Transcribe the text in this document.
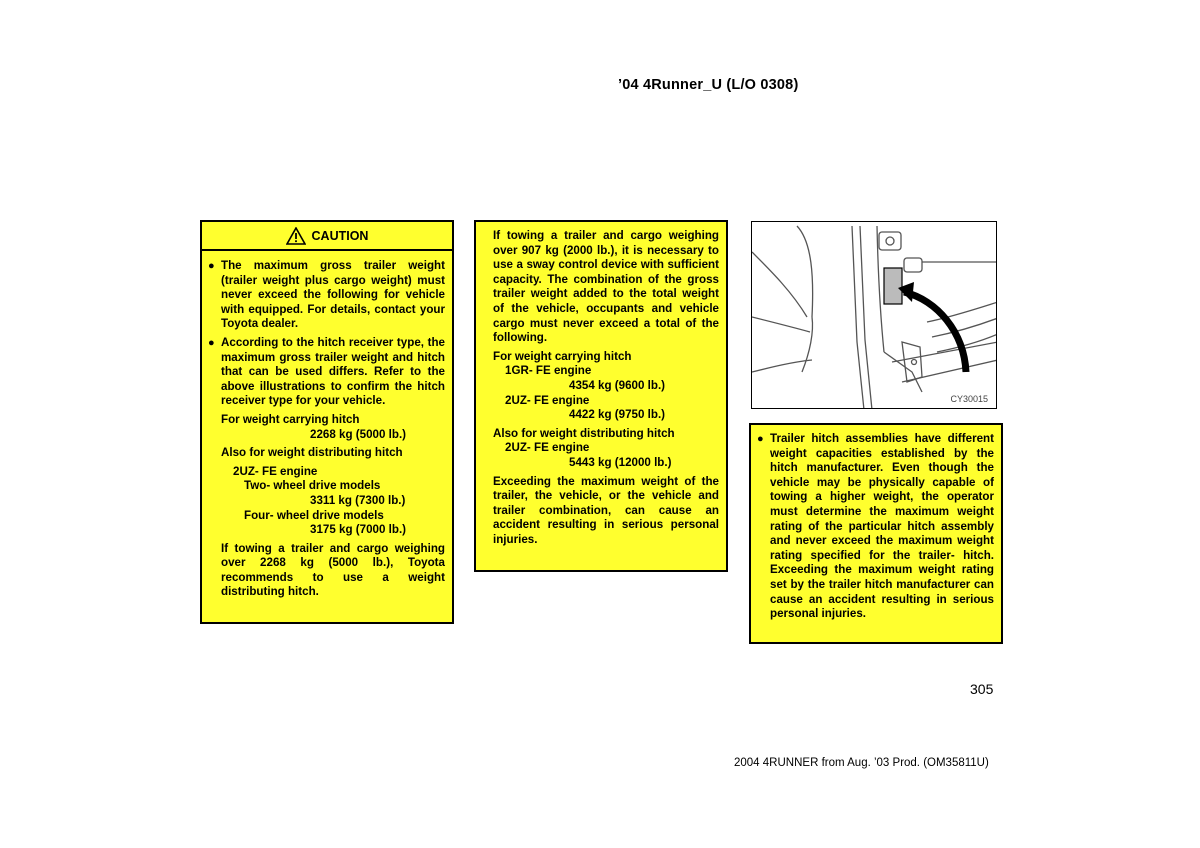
’04 4Runner_U (L/O 0308)
CAUTION
● The maximum gross trailer weight (trailer weight plus cargo weight) must never exceed the following for vehicle with equipped. For details, contact your Toyota dealer.
● According to the hitch receiver type, the maximum gross trailer weight and hitch that can be used differs. Refer to the above illustrations to confirm the hitch receiver type for your vehicle.
For weight carrying hitch
2268 kg (5000 lb.)
Also for weight distributing hitch
2UZ- FE engine
Two- wheel drive models
3311 kg (7300 lb.)
Four- wheel drive models
3175 kg (7000 lb.)
If towing a trailer and cargo weighing over 2268 kg (5000 lb.), Toyota recommends to use a weight distributing hitch.
If towing a trailer and cargo weighing over 907 kg (2000 lb.), it is necessary to use a sway control device with sufficient capacity. The combination of the gross trailer weight added to the total weight of the vehicle, occupants and vehicle cargo must never exceed a total of the following.
For weight carrying hitch
1GR- FE engine
4354 kg (9600 lb.)
2UZ- FE engine
4422 kg (9750 lb.)
Also for weight distributing hitch
2UZ- FE engine
5443 kg (12000 lb.)
Exceeding the maximum weight of the trailer, the vehicle, or the vehicle and trailer combination, can cause an accident resulting in serious personal injuries.
CY30015
● Trailer hitch assemblies have different weight capacities established by the hitch manufacturer. Even though the vehicle may be physically capable of towing a higher weight, the operator must determine the maximum weight rating of the particular hitch assembly and never exceed the maximum weight rating specified for the trailer- hitch. Exceeding the maximum weight rating set by the trailer hitch manufacturer can cause an accident resulting in serious personal injuries.
305
2004 4RUNNER from Aug. ’03 Prod. (OM35811U)
